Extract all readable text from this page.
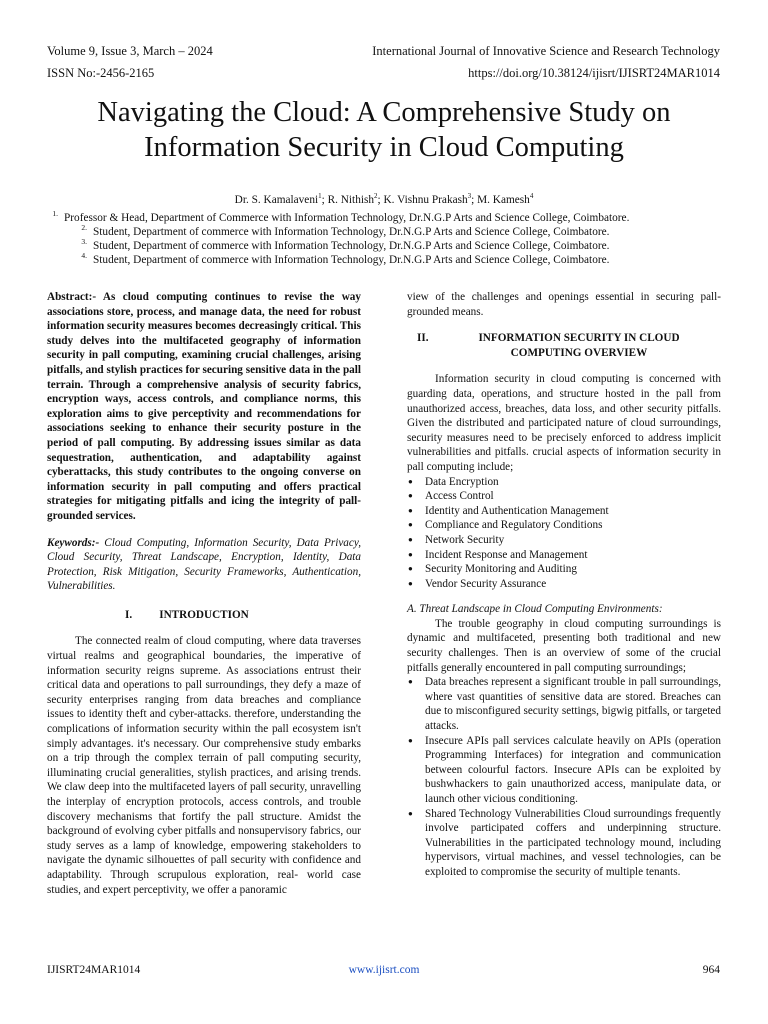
Volume 9, Issue 3, March – 2024
ISSN No:-2456-2165
International Journal of Innovative Science and Research Technology
https://doi.org/10.38124/ijisrt/IJISRT24MAR1014
Navigating the Cloud: A Comprehensive Study on
Information Security in Cloud Computing
Dr. S. Kamalaveni$^1$; R. Nithish$^2$; K. Vishnu Prakash$^3$; M. Kamesh$^4$
1. Professor & Head, Department of Commerce with Information Technology, Dr.N.G.P Arts and Science College, Coimbatore.
2. Student, Department of commerce with Information Technology, Dr.N.G.P Arts and Science College, Coimbatore.
3. Student, Department of commerce with Information Technology, Dr.N.G.P Arts and Science College, Coimbatore.
4. Student, Department of commerce with Information Technology, Dr.N.G.P Arts and Science College, Coimbatore.

Abstract:- As cloud computing continues to revise the way associations store, process, and manage data, the need for robust information security measures becomes decreasingly critical. This study delves into the multifaceted geography of information security in pall computing, examining crucial challenges, arising pitfalls, and stylish practices for securing sensitive data in the pall terrain. Through a comprehensive analysis of security fabrics, encryption ways, access controls, and compliance norms, this exploration aims to give perceptivity and recommendations for associations seeking to enhance their security posture in the period of pall computing. By addressing issues similar as data sequestration, authentication, and adaptability against cyberattacks, this study contributes to the ongoing converse on information security in pall computing and offers practical strategies for mitigating pitfalls and icing the integrity of pall- grounded services.

Keywords:- Cloud Computing, Information Security, Data Privacy, Cloud Security, Threat Landscape, Encryption, Identity, Data Protection, Risk Mitigation, Security Frameworks, Authentication, Vulnerabilities.

I. INTRODUCTION

The connected realm of cloud computing, where data traverses virtual realms and geographical boundaries, the imperative of information security reigns supreme. As associations entrust their critical data and operations to pall surroundings, they defy a maze of security enterprises ranging from data breaches and compliance issues to identity theft and cyber-attacks. therefore, understanding the complications of information security within the pall ecosystem isn't simply advantages. it's necessary. Our comprehensive study embarks on a trip through the complex terrain of pall computing security, illuminating crucial generalities, stylish practices, and arising trends. We claw deep into the multifaceted layers of pall security, unravelling the interplay of encryption protocols, access controls, and trouble discovery mechanisms that fortify the pall structure. Amidst the background of evolving cyber pitfalls and nonsupervisory fabrics, our study serves as a lamp of knowledge, empowering stakeholders to navigate the dynamic silhouettes of pall security with confidence and adaptability. Through scrupulous exploration, real- world case studies, and expert perceptivity, we offer a panoramic

view of the challenges and openings essential in securing pall- grounded means.

II.	INFORMATION SECURITY IN CLOUD
COMPUTING OVERVIEW

Information security in cloud computing is concerned with guarding data, operations, and structure hosted in the pall from unauthorized access, breaches, data loss, and other security pitfalls. Given the distributed and participated nature of cloud surroundings, security measures need to be precisely enforced to address implicit vulnerabilities and pitfalls. crucial aspects of information security in pall computing include;

● Data Encryption
● Access Control
● Identity and Authentication Management
● Compliance and Regulatory Conditions
● Network Security
● Incident Response and Management
● Security Monitoring and Auditing
● Vendor Security Assurance

A. Threat Landscape in Cloud Computing Environments:

The trouble geography in cloud computing surroundings is dynamic and multifaceted, presenting both traditional and new security challenges. Then is an overview of some of the crucial pitfalls generally encountered in pall computing surroundings;

● Data breaches represent a significant trouble in pall surroundings, where vast quantities of sensitive data are stored. Breaches can due to misconfigured security settings, bigwig pitfalls, or targeted attacks.
● Insecure APIs pall services calculate heavily on APIs (operation Programming Interfaces) for integration and communication between colourful factors. Insecure APIs can be exploited by bushwhackers to gain unauthorized access, manipulate data, or launch other vicious conditioning.
● Shared Technology Vulnerabilities Cloud surroundings frequently involve participated coffers and underpinning structure. Vulnerabilities in the participated technology mound, including hypervisors, virtual machines, and vessel technologies, can be exploited to compromise the security of multiple tenants.
IJISRT24MAR1014	www.ijisrt.com	964
